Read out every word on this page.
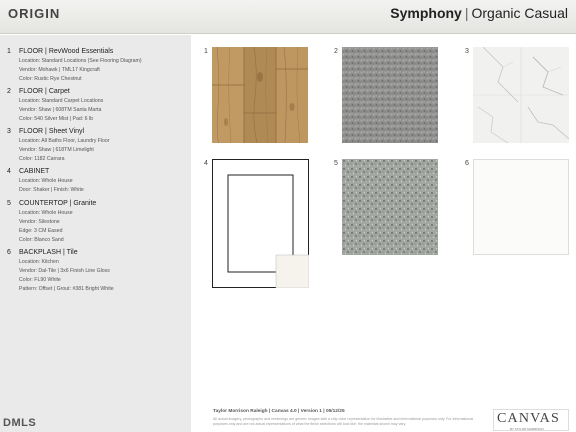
ORIGIN	Symphony | Organic Casual
1 FLOOR | RevWood Essentials
Location: Standard Locations (See Flooring Diagram)
Vendor: Mohawk | TML17 Kingcraft
Color: Rustic Rye Chestnut
2 FLOOR | Carpet
Location: Standard Carpet Locations
Vendor: Shaw | 608TM Santa Marta
Color: 540 Silver Mist | Pad: 6 lb
3 FLOOR | Sheet Vinyl
Location: All Baths Floor, Laundry Floor
Vendor: Shaw | 618TM Limelight
Color: 1182 Carrara
4 CABINET
Location: Whole House
Door: Shaker | Finish: White
5 COUNTERTOP | Granite
Location: Whole House
Vendor: Silestone
Edge: 3 CM Eased
Color: Blanco Sand
6 BACKPLASH | Tile
Location: Kitchen
Vendor: Dal-Tile | 3x6 Finish Line Gloss
Color: FL90 White
Pattern: Offset | Grout: #381 Bright White
DMLS
1	2	3
4	5	6
Taylor Morrison Raleigh | Canvas 4.0 | Version 1 | 05/12/25
All actual imagery, photographs and renderings are generic images with a chip color representation for illustrative and informational purposes only. For informational purposes only and are not actual representations of what the finish selections will look like; the materials shown may vary.	CANVAS
BY TAYLOR MORRISON
